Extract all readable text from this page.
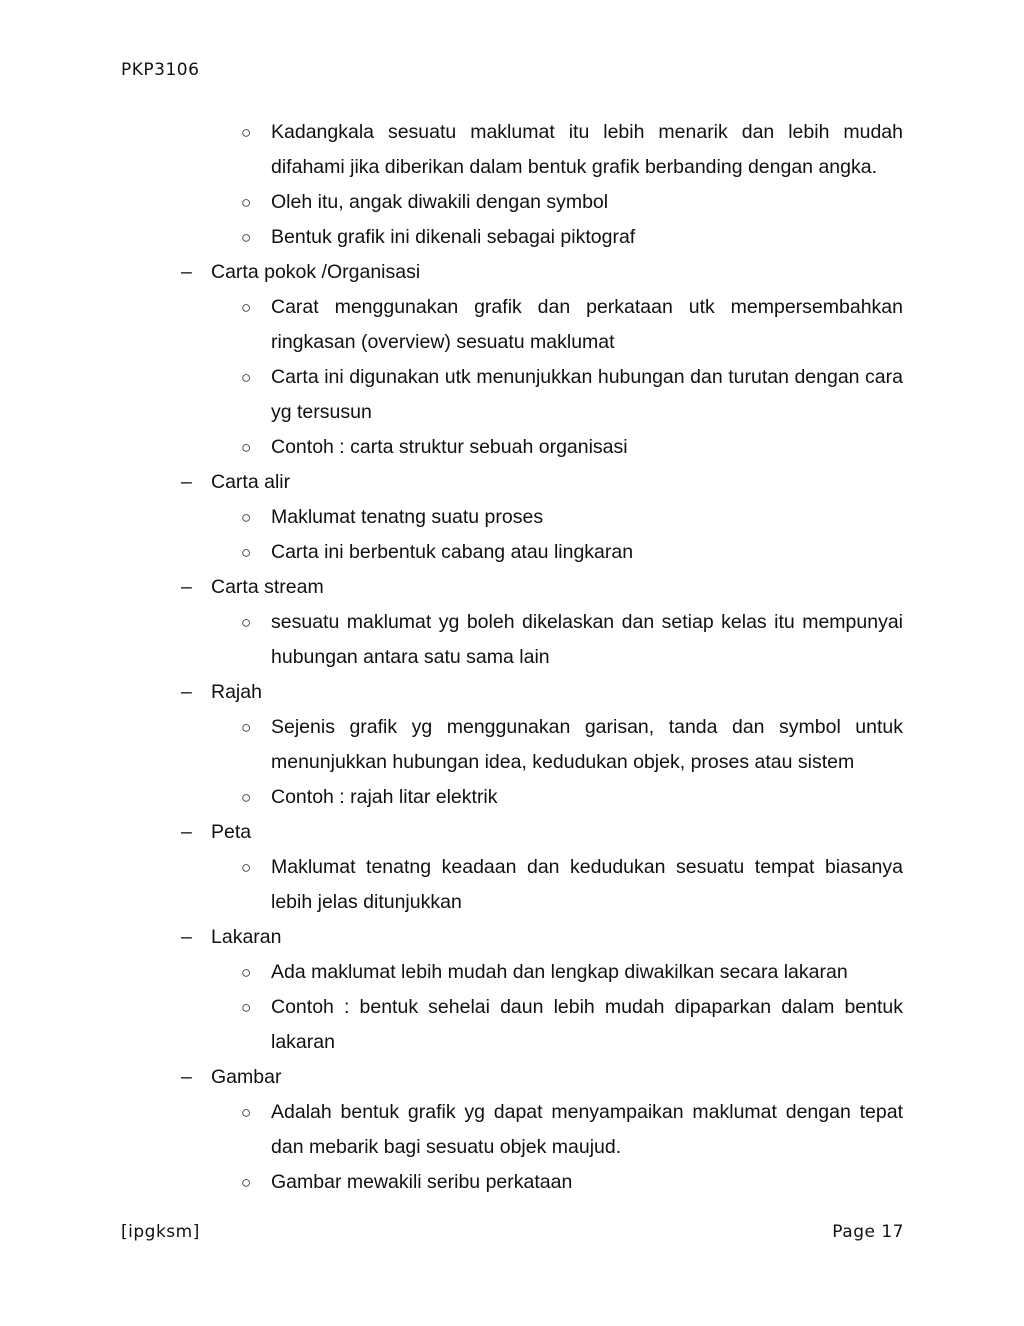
PKP3106
○	Kadangkala sesuatu maklumat itu lebih menarik dan lebih mudah difahami jika diberikan dalam bentuk grafik berbanding dengan angka.
○	Oleh itu, angak diwakili dengan symbol
○	Bentuk grafik ini dikenali sebagai piktograf
– Carta pokok /Organisasi
○	Carat menggunakan grafik dan perkataan utk mempersembahkan ringkasan (overview) sesuatu maklumat
○	Carta ini digunakan utk menunjukkan hubungan dan turutan dengan cara yg tersusun
○	Contoh : carta struktur sebuah organisasi
– Carta alir
○	Maklumat tenatng suatu proses
○	Carta ini berbentuk cabang atau lingkaran
– Carta stream
○	sesuatu maklumat yg boleh dikelaskan dan setiap kelas itu mempunyai hubungan antara satu sama lain
– Rajah
○	Sejenis grafik yg menggunakan garisan, tanda dan symbol untuk menunjukkan hubungan idea, kedudukan objek, proses atau sistem
○	Contoh : rajah litar elektrik
– Peta
○	Maklumat tenatng keadaan dan kedudukan sesuatu tempat biasanya lebih jelas ditunjukkan
– Lakaran
○	Ada maklumat lebih mudah dan lengkap diwakilkan secara lakaran
○	Contoh : bentuk sehelai daun lebih mudah dipaparkan dalam bentuk lakaran
– Gambar
○	Adalah bentuk grafik yg dapat menyampaikan maklumat dengan tepat dan mebarik bagi sesuatu objek maujud.
○	Gambar mewakili seribu perkataan
[ipgksm]	Page 17
